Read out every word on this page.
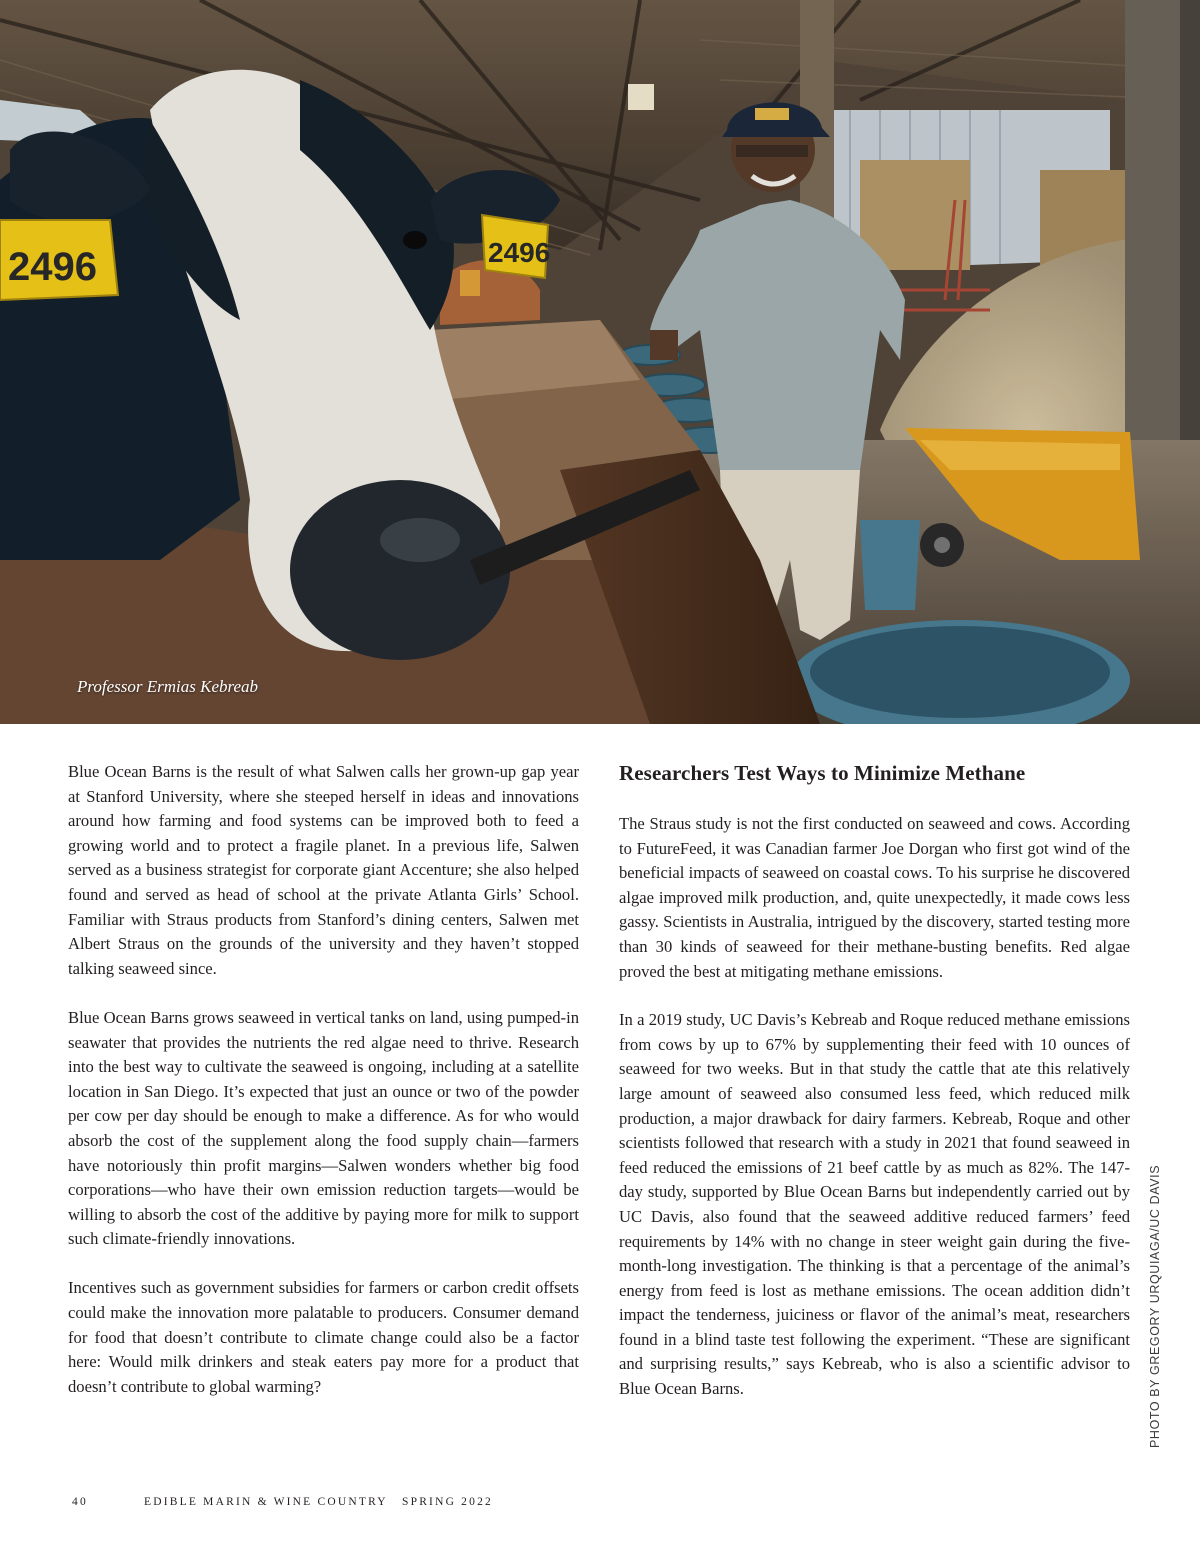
2496	2496
Professor Ermias Kebreab

Blue Ocean Barns is the result of what Salwen calls her grown-up gap year at Stanford University, where she steeped herself in ideas and innovations around how farming and food systems can be improved both to feed a growing world and to protect a fragile planet. In a previous life, Salwen served as a business strategist for corporate giant Accenture; she also helped found and served as head of school at the private Atlanta Girls’ School. Familiar with Straus products from Stanford’s dining centers, Salwen met Albert Straus on the grounds of the university and they haven’t stopped talking seaweed since.

Blue Ocean Barns grows seaweed in vertical tanks on land, using pumped-in seawater that provides the nutrients the red algae need to thrive. Research into the best way to cultivate the seaweed is ongoing, including at a satellite location in San Diego. It’s expected that just an ounce or two of the powder per cow per day should be enough to make a difference. As for who would absorb the cost of the supplement along the food supply chain—farmers have notoriously thin profit margins—Salwen wonders whether big food corporations—who have their own emission reduction targets—would be willing to absorb the cost of the additive by paying more for milk to support such climate-friendly innovations.

Incentives such as government subsidies for farmers or carbon credit offsets could make the innovation more palatable to producers. Consumer demand for food that doesn’t contribute to climate change could also be a factor here: Would milk drinkers and steak eaters pay more for a product that doesn’t contribute to global warming?

Researchers Test Ways to Minimize Methane

The Straus study is not the first conducted on seaweed and cows. According to FutureFeed, it was Canadian farmer Joe Dorgan who first got wind of the beneficial impacts of seaweed on coastal cows. To his surprise he discovered algae improved milk production, and, quite unexpectedly, it made cows less gassy. Scientists in Australia, intrigued by the discovery, started testing more than 30 kinds of seaweed for their methane-busting benefits. Red algae proved the best at mitigating methane emissions.

In a 2019 study, UC Davis’s Kebreab and Roque reduced methane emissions from cows by up to 67% by supplementing their feed with 10 ounces of seaweed for two weeks. But in that study the cattle that ate this relatively large amount of seaweed also consumed less feed, which reduced milk production, a major drawback for dairy farmers. Kebreab, Roque and other scientists followed that research with a study in 2021 that found seaweed in feed reduced the emissions of 21 beef cattle by as much as 82%. The 147-day study, supported by Blue Ocean Barns but independently carried out by UC Davis, also found that the seaweed additive reduced farmers’ feed requirements by 14% with no change in steer weight gain during the five-month-long investigation. The thinking is that a percentage of the animal’s energy from feed is lost as methane emissions. The ocean addition didn’t impact the tenderness, juiciness or flavor of the animal’s meat, researchers found in a blind taste test following the experiment. “These are significant and surprising results,” says Kebreab, who is also a scientific advisor to Blue Ocean Barns.	PHOTO BY GREGORY URQUIAGA/UC DAVIS
40	EDIBLE MARIN & WINE COUNTRY SPRING 2022
